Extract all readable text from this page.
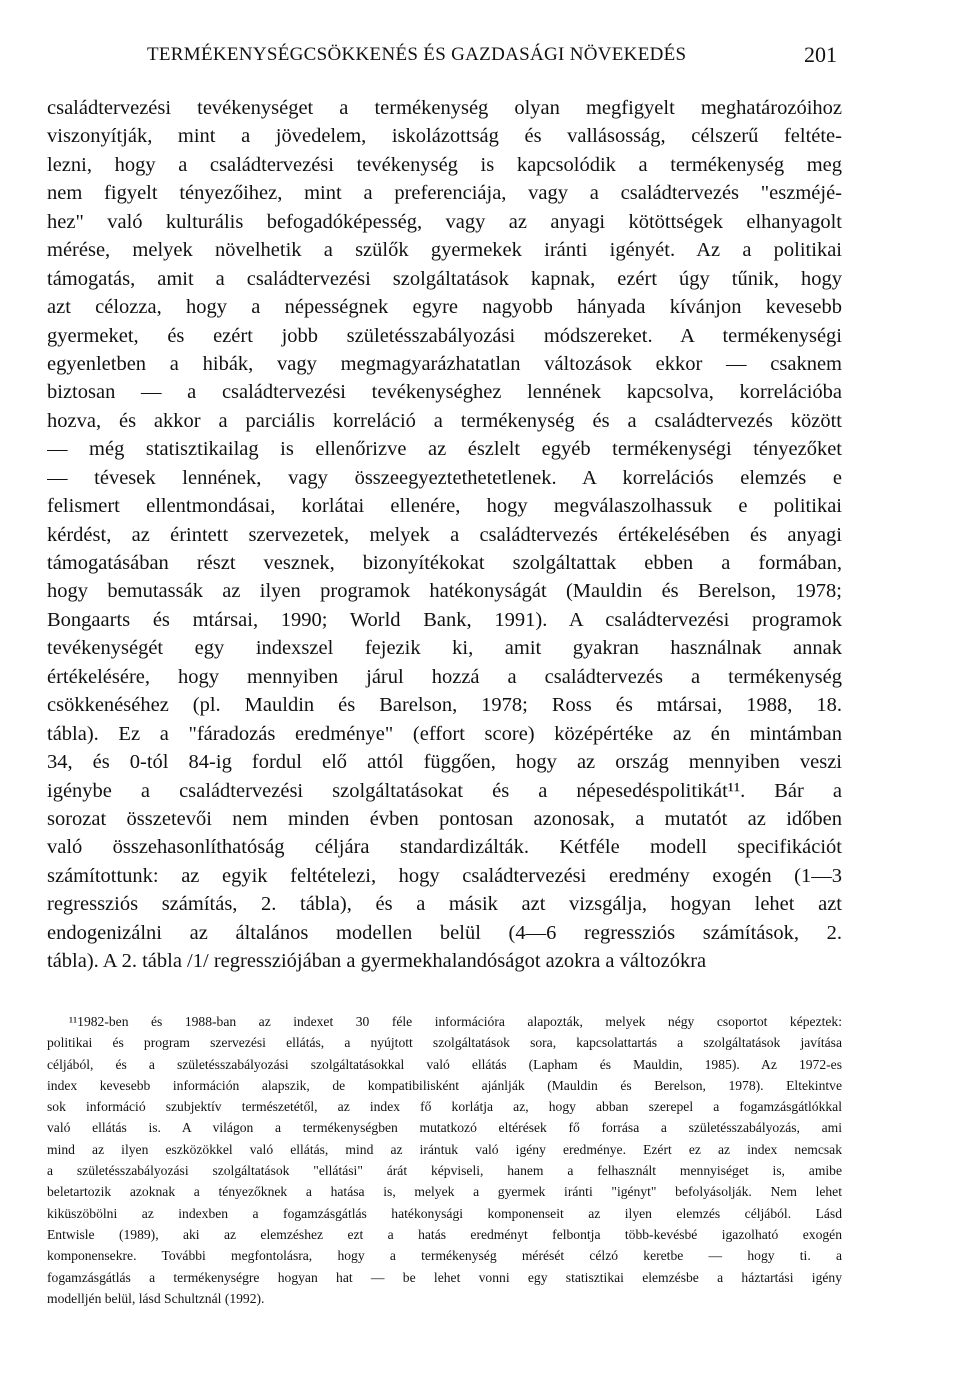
TERMÉKENYSÉGCSÖKKENÉS ÉS GAZDASÁGI NÖVEKEDÉS	201
családtervezési tevékenységet a termékenység olyan megfigyelt meghatározóihoz
viszonyítják, mint a jövedelem, iskolázottság és vallásosság, célszerű feltéte-
lezni, hogy a családtervezési tevékenység is kapcsolódik a termékenység meg
nem figyelt tényezőihez, mint a preferenciája, vagy a családtervezés "eszméjé-
hez" való kulturális befogadóképesség, vagy az anyagi kötöttségek elhanyagolt
mérése, melyek növelhetik a szülők gyermekek iránti igényét. Az a politikai
támogatás, amit a családtervezési szolgáltatások kapnak, ezért úgy tűnik, hogy
azt célozza, hogy a népességnek egyre nagyobb hányada kívánjon kevesebb
gyermeket, és ezért jobb születésszabályozási módszereket. A termékenységi
egyenletben a hibák, vagy megmagyarázhatatlan változások ekkor — csaknem
biztosan — a családtervezési tevékenységhez lennének kapcsolva, korrelációba
hozva, és akkor a parciális korreláció a termékenység és a családtervezés között
— még statisztikailag is ellenőrizve az észlelt egyéb termékenységi tényezőket
— tévesek lennének, vagy összeegyeztethetetlenek. A korrelációs elemzés e
felismert ellentmondásai, korlátai ellenére, hogy megválaszolhassuk e politikai
kérdést, az érintett szervezetek, melyek a családtervezés értékelésében és anyagi
támogatásában részt vesznek, bizonyítékokat szolgáltattak ebben a formában,
hogy bemutassák az ilyen programok hatékonyságát (Mauldin és Berelson, 1978;
Bongaarts és mtársai, 1990; World Bank, 1991). A családtervezési programok
tevékenységét egy indexszel fejezik ki, amit gyakran használnak annak
értékelésére, hogy mennyiben járul hozzá a családtervezés a termékenység
csökkenéséhez (pl. Mauldin és Barelson, 1978; Ross és mtársai, 1988, 18.
tábla). Ez a "fáradozás eredménye" (effort score) középértéke az én mintámban
34, és 0-tól 84-ig fordul elő attól függően, hogy az ország mennyiben veszi
igénybe a családtervezési szolgáltatásokat és a népesedéspolitikát¹¹. Bár a
sorozat összetevői nem minden évben pontosan azonosak, a mutatót az időben
való összehasonlíthatóság céljára standardizálták. Kétféle modell specifikációt
számítottunk: az egyik feltételezi, hogy családtervezési eredmény exogén (1—3
regressziós számítás, 2. tábla), és a másik azt vizsgálja, hogyan lehet azt
endogenizálni az általános modellen belül (4—6 regressziós számítások, 2.
tábla). A 2. tábla /1/ regressziójában a gyermekhalandóságot azokra a változókra
¹¹1982-ben és 1988-ban az indexet 30 féle információra alapozták, melyek négy csoportot képeztek:
politikai és program szervezési ellátás, a nyújtott szolgáltatások sora, kapcsolattartás a szolgáltatások javítása
céljából, és a születésszabályozási szolgáltatásokkal való ellátás (Lapham és Mauldin, 1985). Az 1972-es
index kevesebb információn alapszik, de kompatibilisként ajánlják (Mauldin és Berelson, 1978). Eltekintve
sok információ szubjektív természetétől, az index fő korlátja az, hogy abban szerepel a fogamzásgátlókkal
való ellátás is. A világon a termékenységben mutatkozó eltérések fő forrása a születésszabályozás, ami
mind az ilyen eszközökkel való ellátás, mind az irántuk való igény eredménye. Ezért ez az index nemcsak
a születésszabályozási szolgáltatások "ellátási" árát képviseli, hanem a felhasznált mennyiséget is, amibe
beletartozik azoknak a tényezőknek a hatása is, melyek a gyermek iránti "igényt" befolyásolják. Nem lehet
kiküszöbölni az indexben a fogamzásgátlás hatékonysági komponenseit az ilyen elemzés céljából. Lásd
Entwisle (1989), aki az elemzéshez ezt a hatás eredményt felbontja több-kevésbé igazolható exogén
komponensekre. További megfontolásra, hogy a termékenység mérését célzó keretbe — hogy ti. a
fogamzásgátlás a termékenységre hogyan hat — be lehet vonni egy statisztikai elemzésbe a háztartási igény
modelljén belül, lásd Schultznál (1992).
